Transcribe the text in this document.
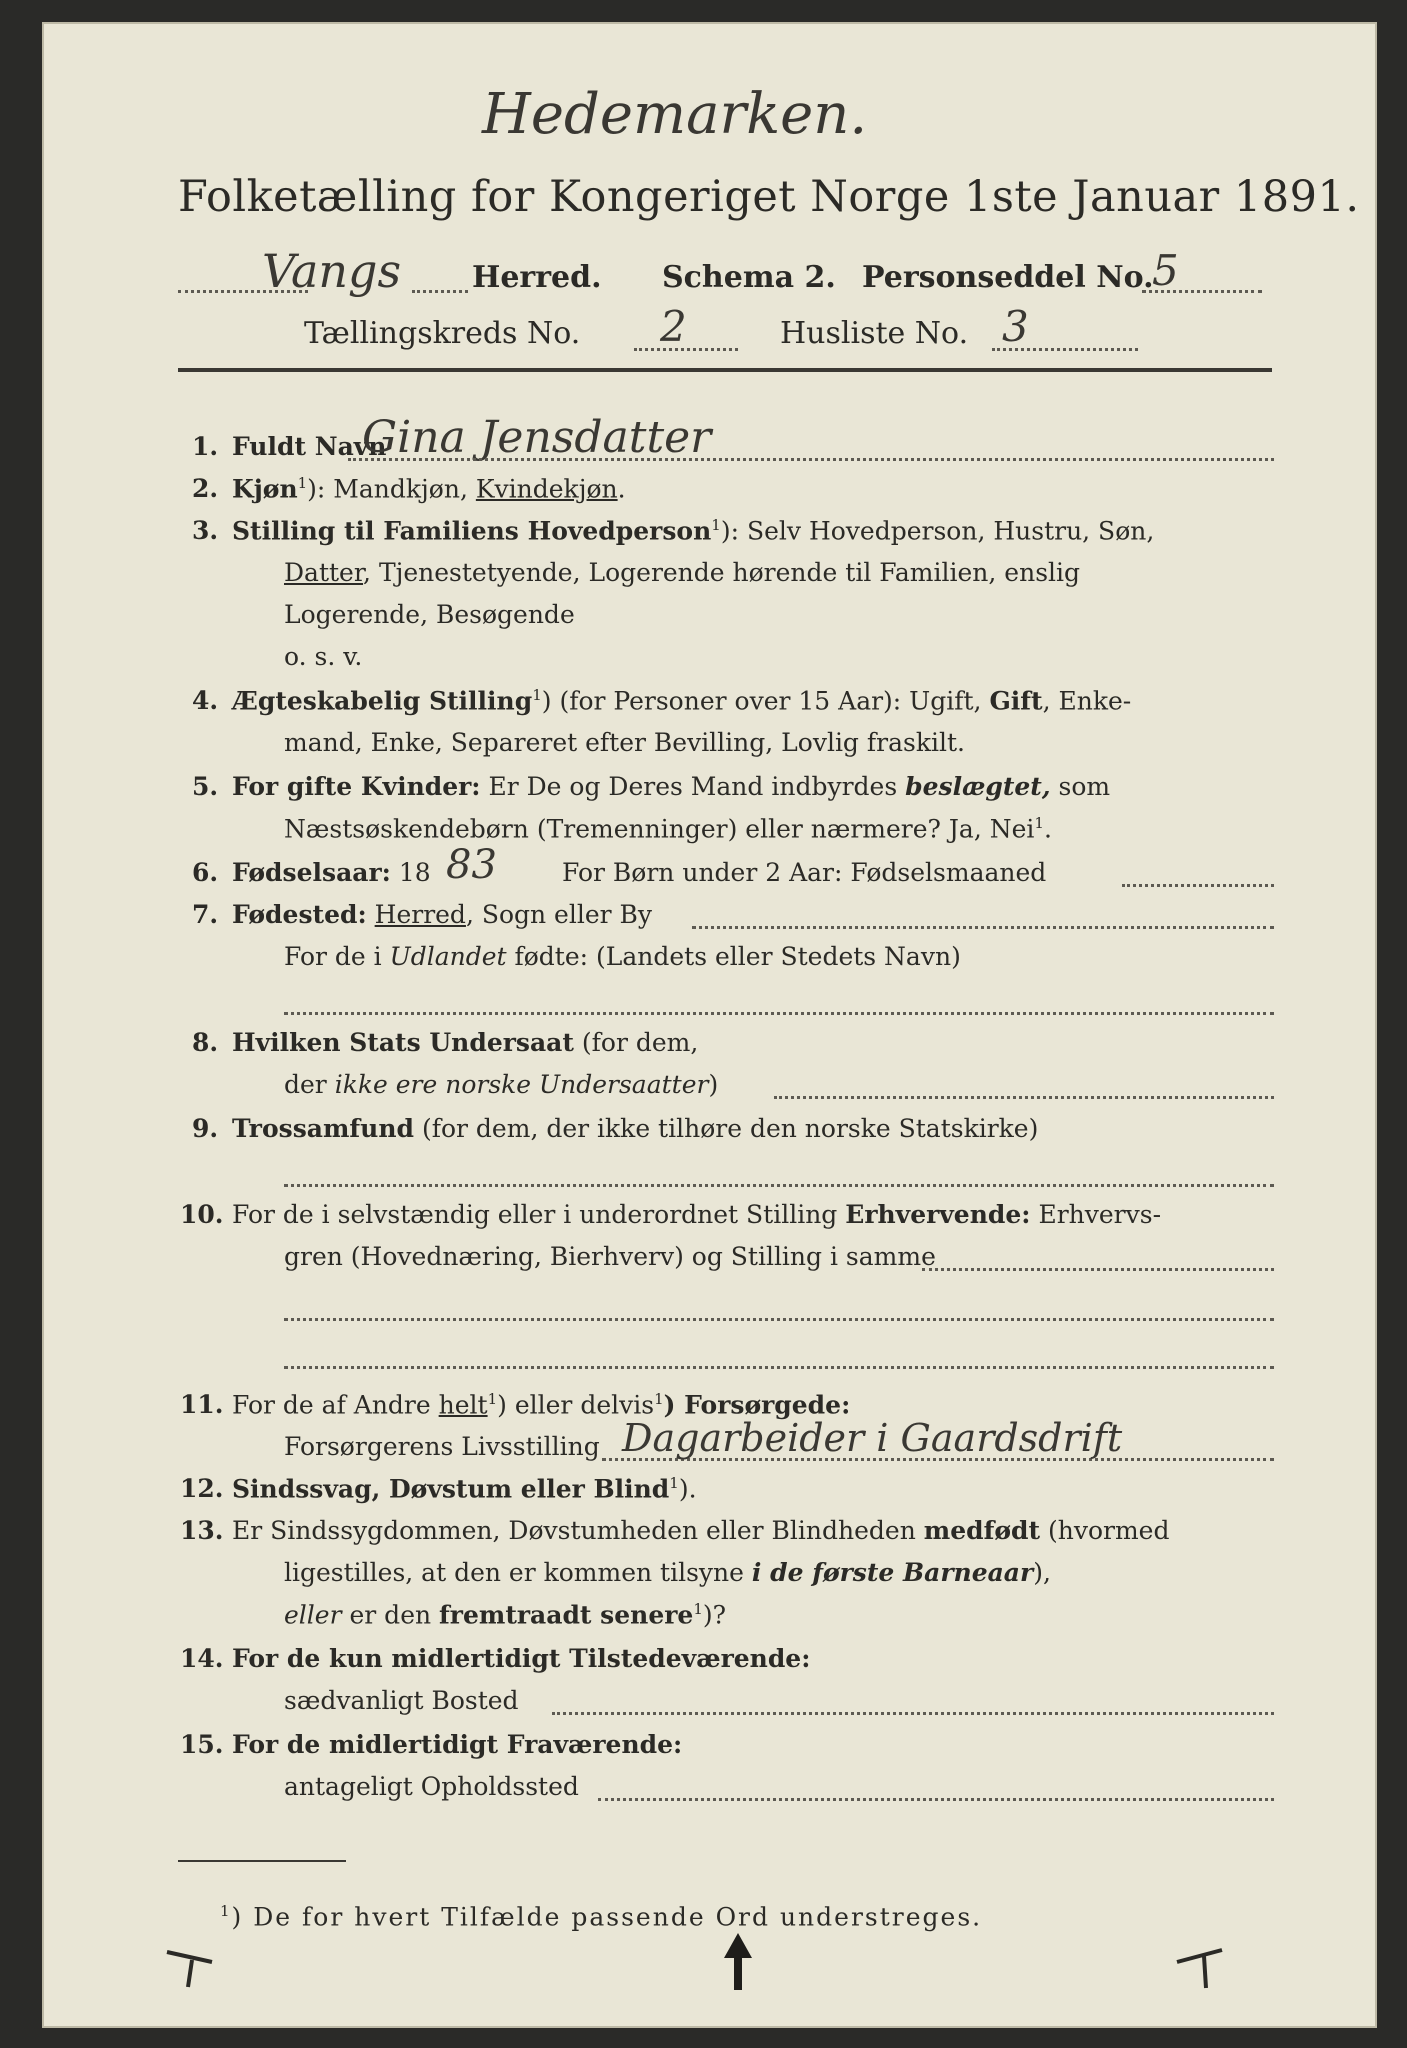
Hedemarken.
Folketælling for Kongeriget Norge 1ste Januar 1891.
Vangs Herred. Schema 2. Personseddel No.
5
Tællingskreds No. 2	Husliste No. 3
1. Fuldt Navn
Gina Jensdatter
2. Kjøn$^1$): Mandkjøn, Kvindekjøn.
3. Stilling til Familiens Hovedperson$^1$): Selv Hovedperson, Hustru, Søn,
Datter, Tjenestetyende, Logerende hørende til Familien, enslig
Logerende, Besøgende
o. s. v.
4. Ægteskabelig Stilling$^1$) (for Personer over 15 Aar): Ugift, Gift, Enke-
mand, Enke, Separeret efter Bevilling, Lovlig fraskilt.
5. For gifte Kvinder: Er De og Deres Mand indbyrdes beslægtet, som
Næstsøskendebørn (Tremenninger) eller nærmere? Ja, Nei$^1$.
6. Fødselsaar: 18 83	For Børn under 2 Aar: Fødselsmaaned
7. Fødested: Herred, Sogn eller By
For de i Udlandet fødte: (Landets eller Stedets Navn)
8. Hvilken Stats Undersaat (for dem,
der ikke ere norske Undersaatter)
9. Trossamfund (for dem, der ikke tilhøre den norske Statskirke)
10. For de i selvstændig eller i underordnet Stilling Erhvervende: Erhvervs-
gren (Hovednæring, Bierhverv) og Stilling i samme
11. For de af Andre helt$^1$) eller delvis$^1$) Forsørgede:
Forsørgerens Livsstilling Dagarbeider i Gaardsdrift
12. Sindssvag, Døvstum eller Blind$^1$).
13. Er Sindssygdommen, Døvstumheden eller Blindheden medfødt (hvormed
ligestilles, at den er kommen tilsyne i de første Barneaar),
eller er den fremtraadt senere$^1$)?
14. For de kun midlertidigt Tilstedeværende:
sædvanligt Bosted
15. For de midlertidigt Fraværende:
antageligt Opholdssted
$^1$) De for hvert Tilfælde passende Ord understreges.
